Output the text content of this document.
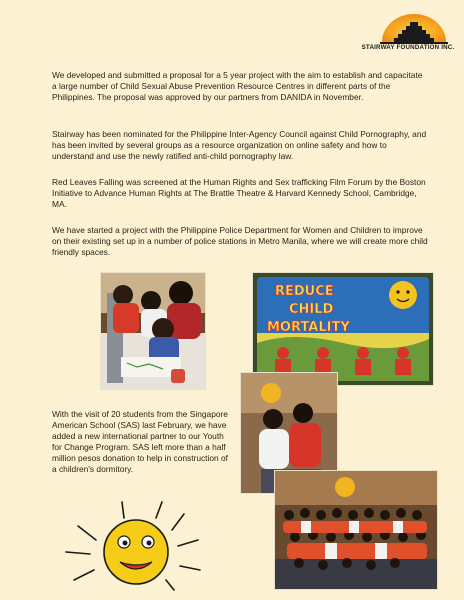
STAIRWAY FOUNDATION INC.

We developed and submitted a proposal for a 5 year project with the aim to establish and capacitate a large number of Child Sexual Abuse Prevention Resource Centres in different parts of the Philippines. The proposal was approved by our partners from DANIDA in November.

Stairway has been nominated for the Philippine Inter-Agency Council against Child Pornography, and has been invited by several groups as a resource organization on online safety and how to understand and use the newly ratified anti-child pornography law.

Red Leaves Falling was screened at the Human Rights and Sex trafficking Film Forum by the Boston Initiative to Advance Human Rights at The Brattle Theatre & Harvard Kennedy School, Cambridge, MA.

We have started a project with the Philippine Police Department for Women and Children to improve on their existing set up in a number of police stations in Metro Manila, where we will create more child friendly spaces.

REDUCE
CHILD
MORTALITY

With the visit of 20 students from the Singapore American School (SAS) last February, we have added a new international partner to our Youth for Change Program. SAS left more than a half million pesos donation to help in construction of a children's dormitory.
